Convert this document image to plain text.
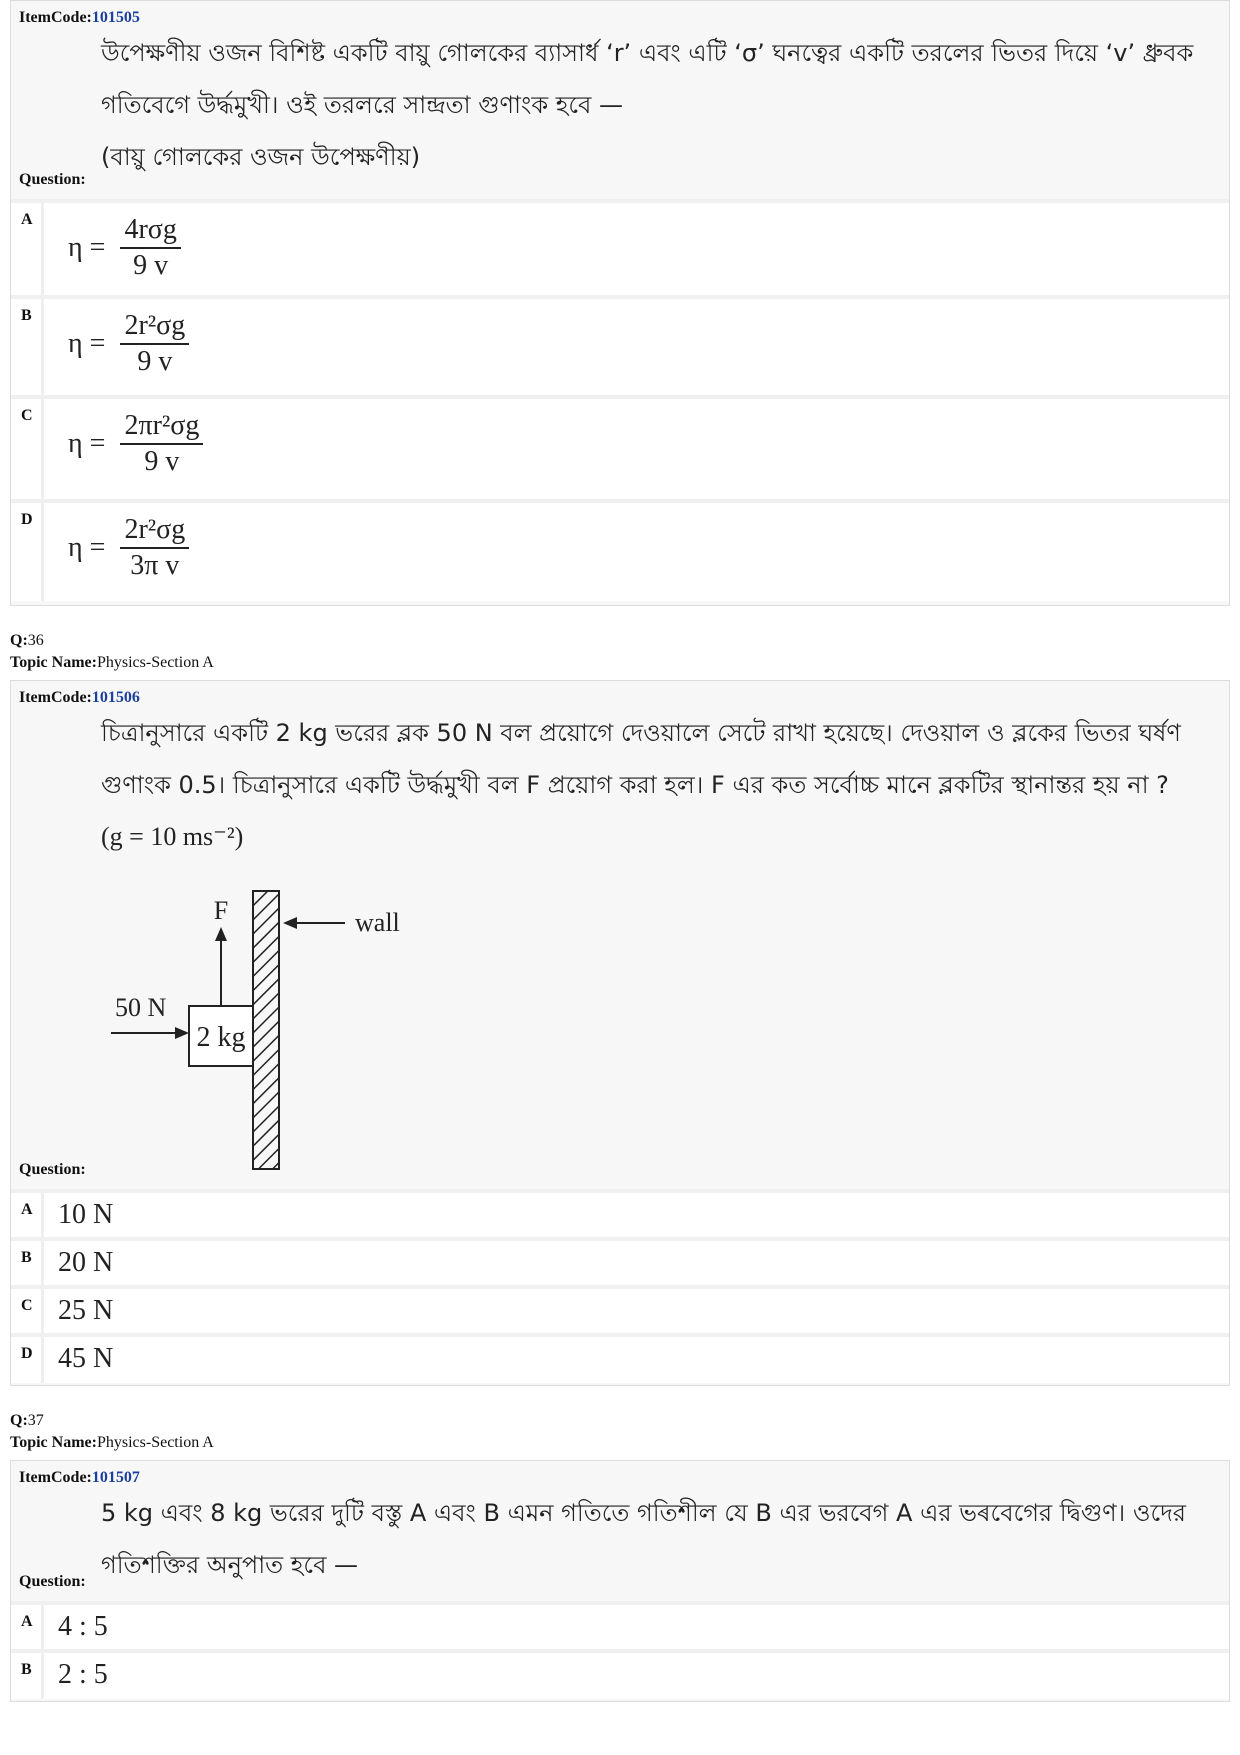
ItemCode:101505
উপেক্ষণীয় ওজন বিশিষ্ট একটি বায়ু গোলকের ব্যাসার্ধ ‘r’ এবং এটি ‘σ’ ঘনত্বের একটি তরলের ভিতর দিয়ে ‘v’ ধ্রুবক
গতিবেগে উর্দ্ধমুখী। ওই তরলরে সান্দ্রতা গুণাংক হবে —
(বায়ু গোলকের ওজন উপেক্ষণীয়)
Question:
A
$\eta = \frac{\text{4rσg}}{9 v}$
B
$\eta = \frac{\text{2r²σg}}{9 v}$
C
$\eta = \frac{\text{2πr²σg}}{9 v}$
D
$\eta = \frac{\text{2r²σg}}{\text{3π v}}$
Q:36
Topic Name:Physics-Section A
ItemCode:101506
চিত্রানুসারে একটি 2 kg ভরের ব্লক 50 N বল প্রয়োগে দেওয়ালে সেটে রাখা হয়েছে। দেওয়াল ও ব্লকের ভিতর ঘর্ষণ
গুণাংক 0.5। চিত্রানুসারে একটি উর্দ্ধমুখী বল F প্রয়োগ করা হল। F এর কত সর্বোচ্চ মানে ব্লকটির স্থানান্তর হয় না ?
(g = 10 ms⁻²)
2 kg
F
50 N
wall
Question:
A 10 N
B 20 N
C 25 N
D 45 N
Q:37
Topic Name:Physics-Section A
ItemCode:101507
5 kg এবং 8 kg ভরের দুটি বস্তু A এবং B এমন গতিতে গতিশীল যে B এর ভরবেগ A এর ভৰবেগের দ্বিগুণ। ওদের
গতিশক্তির অনুপাত হবে —
Question:
A 4 : 5
B 2 : 5
